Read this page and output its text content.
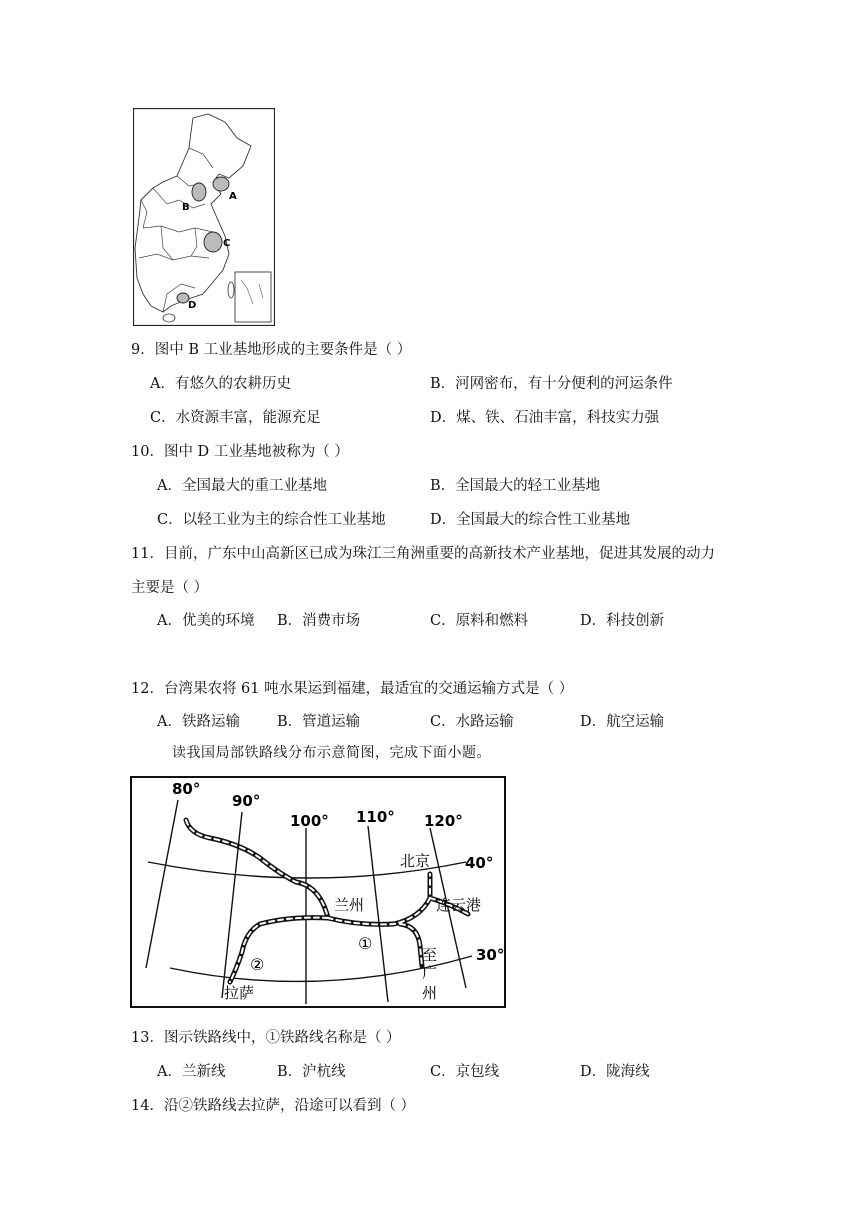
A
B
C
D
9．图中 B 工业基地形成的主要条件是（ ）
A．有悠久的农耕历史	B．河网密布，有十分便利的河运条件
C．水资源丰富，能源充足	D．煤、铁、石油丰富，科技实力强
10．图中 D 工业基地被称为（ ）
A．全国最大的重工业基地	B．全国最大的轻工业基地
C．以轻工业为主的综合性工业基地	D．全国最大的综合性工业基地
11．目前，广东中山高新区已成为珠江三角洲重要的高新技术产业基地，促进其发展的动力
主要是（ ）
A．优美的环境 B．消费市场	C．原料和燃料	D．科技创新
12．台湾果农将 61 吨水果运到福建，最适宜的交通运输方式是（ ）
A．铁路运输	B．管道运输	C．水路运输	D．航空运输
读我国局部铁路线分布示意简图，完成下面小题。
80°
90°
100° 110° 120°
40°
30°
北京
兰州	连云港
拉萨
至
广
州
①
②
13．图示铁路线中，①铁路线名称是（ ）
A．兰新线	B．沪杭线	C．京包线	D．陇海线
14．沿②铁路线去拉萨，沿途可以看到（ ）
